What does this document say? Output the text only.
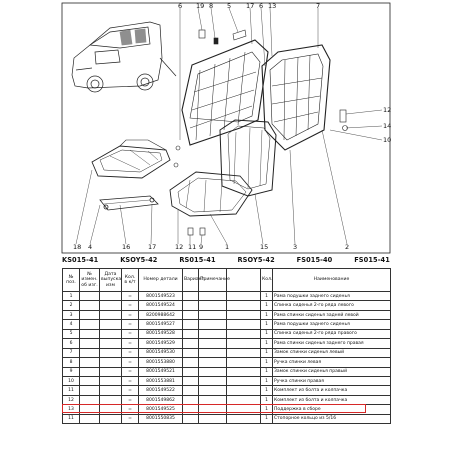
6 19 8 5 17 6 13	7
12
14
10
18 4	16	17	12 11 9	1	15	3	2
KS015-41	KSOY5-42	RS015-41	RSOY5-42	FS015-40	FS015-41
№ поз.	№ измен. об изг.	Дата выпуска изм	Кол. в к/т	Номер детали	Вариант	Примечание		Кол.	Наименование
1			=	8001549523				1	Рама подушки заднего сиденья
2			=	8001549524				1	Спинка сиденья 2-го ряда левого
3			=	8200988642				1	Рама спинки сиденья задней левой
4			=	8001549527				1	Рама подушки заднего сиденья
5			=	8001549528				1	Спинка сиденья 2-го ряда правого
6			=	8001549529				1	Рама спинки сиденья заднего правая
7			=	8001549530				1	Замок спинки сиденья левый
8			=	8001553880				1	Ручка спинки левая
9			=	8001549521				1	Замок спинки сиденья правый
10			=	8001553881				1	Ручка спинки правая
11			=	8001549522				1	Комплект из болта и колпачка
12			=	8001549862				1	Комплект из болта и колпачка
13			=	8001549525				1	Поддержка в сборе
11			=	8001550835				1	Стопорное кольцо из 5/16
